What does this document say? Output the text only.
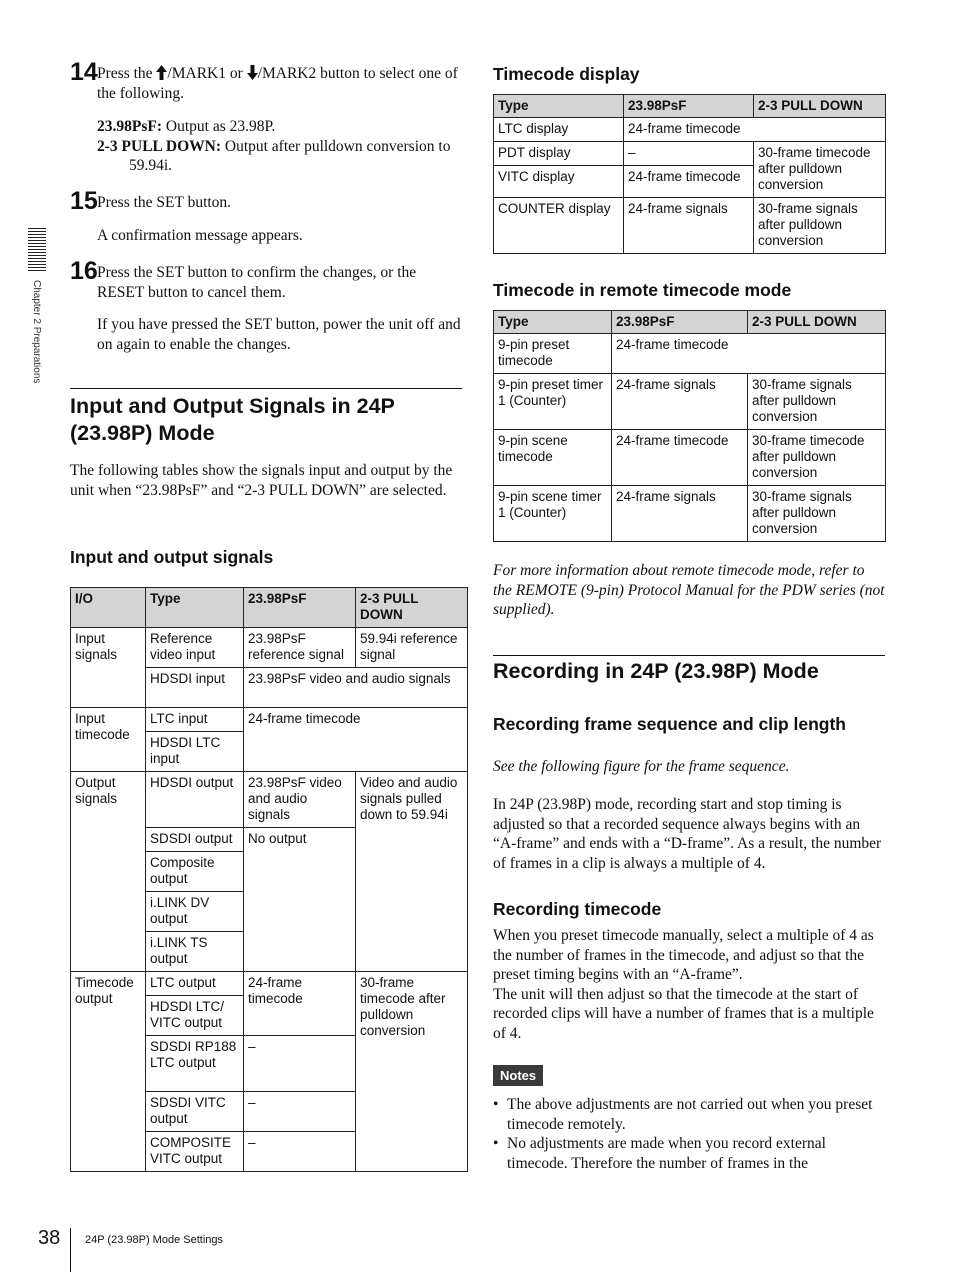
Chapter 2 Preparations
14 Press the /MARK1 or /MARK2 button to select one of the following.
23.98PsF: Output as 23.98P.
2-3 PULL DOWN: Output after pulldown conversion to 59.94i.
15 Press the SET button.
A confirmation message appears.
16 Press the SET button to confirm the changes, or the RESET button to cancel them.
If you have pressed the SET button, power the unit off and on again to enable the changes.
Input and Output Signals in 24P (23.98P) Mode
The following tables show the signals input and output by the unit when “23.98PsF” and “2-3 PULL DOWN” are selected.
Input and output signals
I/O	Type	23.98PsF	2-3 PULL DOWN
Input signals	Reference video input	23.98PsF reference signal	59.94i reference signal
	HDSDI input	23.98PsF video and audio signals	
Input timecode	LTC input	24-frame timecode	
	HDSDI LTC input		
Output signals	HDSDI output	23.98PsF video and audio signals	Video and audio signals pulled down to 59.94i
	SDSDI output	No output	
	Composite output		
	i.LINK DV output		
	i.LINK TS output		
Timecode output	LTC output	24-frame timecode	30-frame timecode after pulldown conversion
	HDSDI LTC/ VITC output		
	SDSDI RP188 LTC output	–	
	SDSDI VITC output	–	
	COMPOSITE VITC output	–	
Timecode display
Type	23.98PsF	2-3 PULL DOWN
LTC display	24-frame timecode	
PDT display	–	30-frame timecode after pulldown conversion
VITC display	24-frame timecode	
COUNTER display	24-frame signals	30-frame signals after pulldown conversion
Timecode in remote timecode mode
Type	23.98PsF	2-3 PULL DOWN
9-pin preset timecode	24-frame timecode	
9-pin preset timer 1 (Counter)	24-frame signals	30-frame signals after pulldown conversion
9-pin scene timecode	24-frame timecode	30-frame timecode after pulldown conversion
9-pin scene timer 1 (Counter)	24-frame signals	30-frame signals after pulldown conversion
For more information about remote timecode mode, refer to the REMOTE (9-pin) Protocol Manual for the PDW series (not supplied).
Recording in 24P (23.98P) Mode
Recording frame sequence and clip length
See the following figure for the frame sequence.
In 24P (23.98P) mode, recording start and stop timing is adjusted so that a recorded sequence always begins with an “A-frame” and ends with a “D-frame”. As a result, the number of frames in a clip is always a multiple of 4.
Recording timecode
When you preset timecode manually, select a multiple of 4 as the number of frames in the timecode, and adjust so that the preset timing begins with an “A-frame”.
The unit will then adjust so that the timecode at the start of recorded clips will have a number of frames that is a multiple of 4.
Notes
• The above adjustments are not carried out when you preset timecode remotely.
• No adjustments are made when you record external timecode. Therefore the number of frames in the
38 24P (23.98P) Mode Settings
